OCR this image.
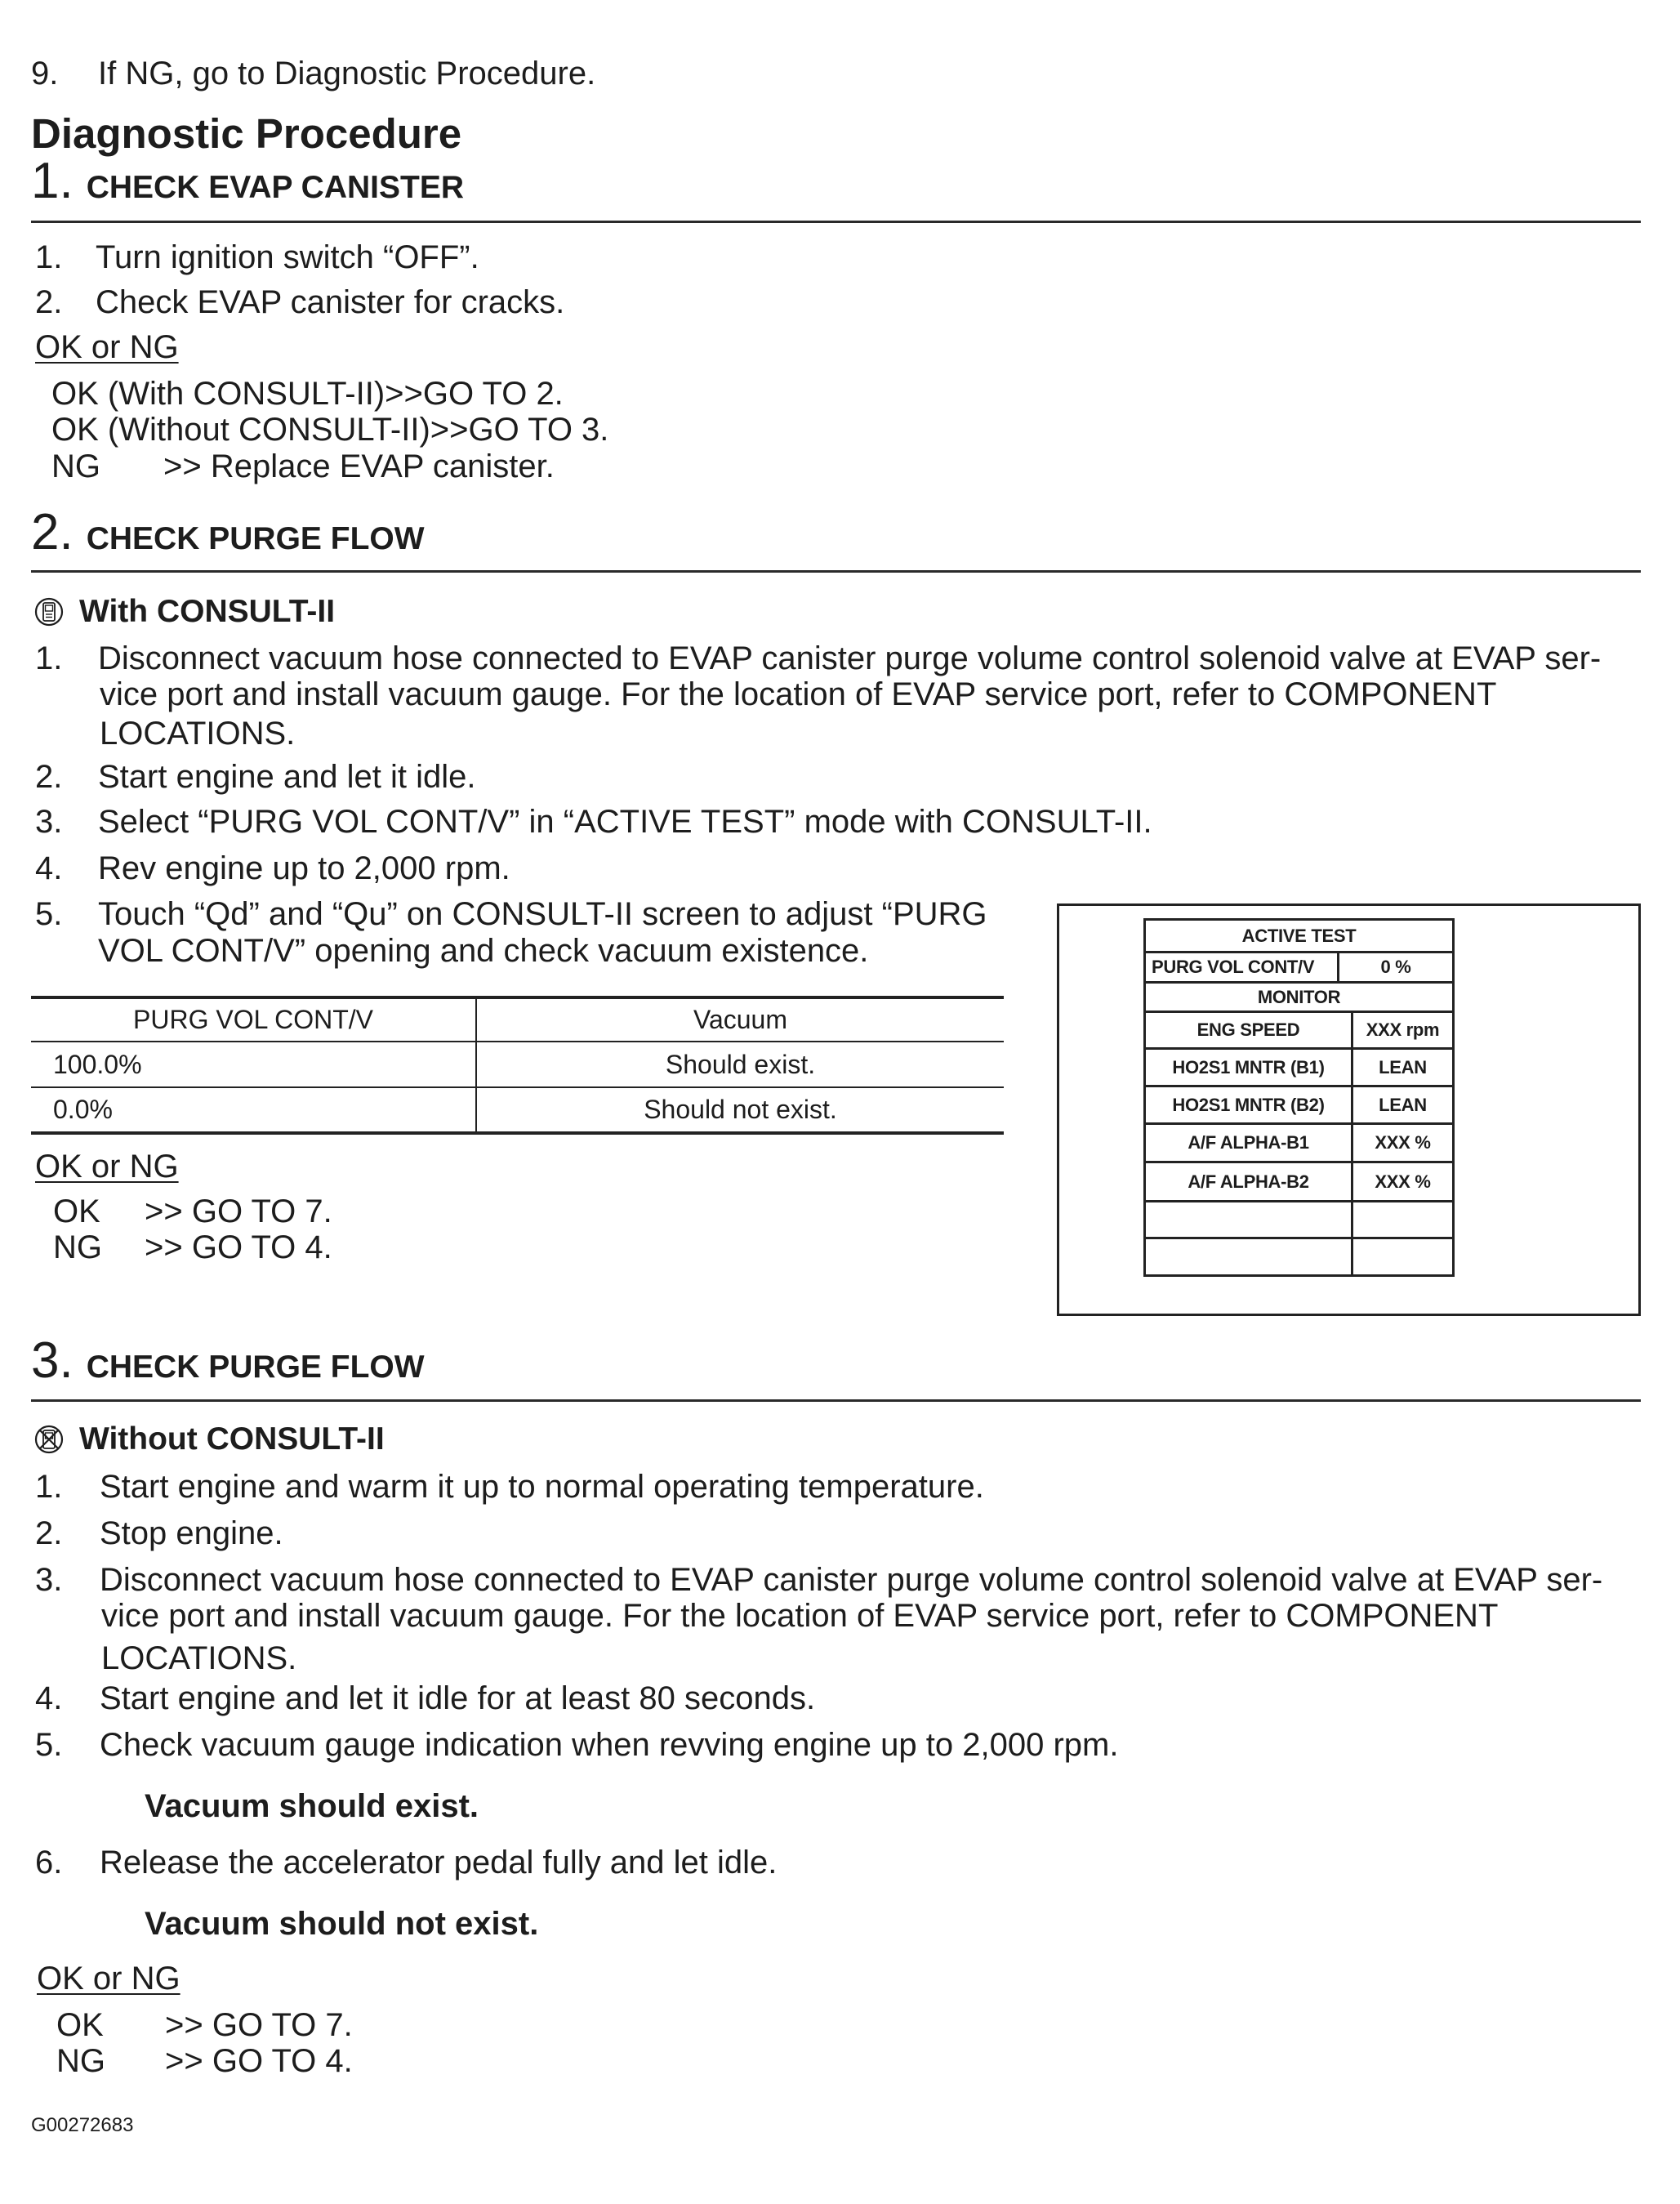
9. If NG, go to Diagnostic Procedure.
Diagnostic Procedure
1. CHECK EVAP CANISTER
1. Turn ignition switch “OFF”.
2. Check EVAP canister for cracks.
OK or NG
OK (With CONSULT-II)>>GO TO 2.
OK (Without CONSULT-II)>>GO TO 3.
NG >> Replace EVAP canister.
2. CHECK PURGE FLOW
With CONSULT-II
1. Disconnect vacuum hose connected to EVAP canister purge volume control solenoid valve at EVAP ser-
vice port and install vacuum gauge. For the location of EVAP service port, refer to COMPONENT
LOCATIONS.
2. Start engine and let it idle.
3. Select “PURG VOL CONT/V” in “ACTIVE TEST” mode with CONSULT-II.
4. Rev engine up to 2,000 rpm.
5. Touch “Qd” and “Qu” on CONSULT-II screen to adjust “PURG
VOL CONT/V” opening and check vacuum existence.
PURG VOL CONT/V	Vacuum
100.0%	Should exist.
0.0%	Should not exist.
OK or NG
OK >> GO TO 7.
NG >> GO TO 4.
ACTIVE TEST		
PURG VOL CONT/V	0 %	
MONITOR		
ENG SPEED		XXX rpm
HO2S1 MNTR (B1)		LEAN
HO2S1 MNTR (B2)		LEAN
A/F ALPHA-B1		XXX %
A/F ALPHA-B2		XXX %

3. CHECK PURGE FLOW
Without CONSULT-II
1. Start engine and warm it up to normal operating temperature.
2. Stop engine.
3. Disconnect vacuum hose connected to EVAP canister purge volume control solenoid valve at EVAP ser-
vice port and install vacuum gauge. For the location of EVAP service port, refer to COMPONENT
LOCATIONS.
4. Start engine and let it idle for at least 80 seconds.
5. Check vacuum gauge indication when revving engine up to 2,000 rpm.
Vacuum should exist.
6. Release the accelerator pedal fully and let idle.
Vacuum should not exist.
OK or NG
OK >> GO TO 7.
NG >> GO TO 4.
G00272683
